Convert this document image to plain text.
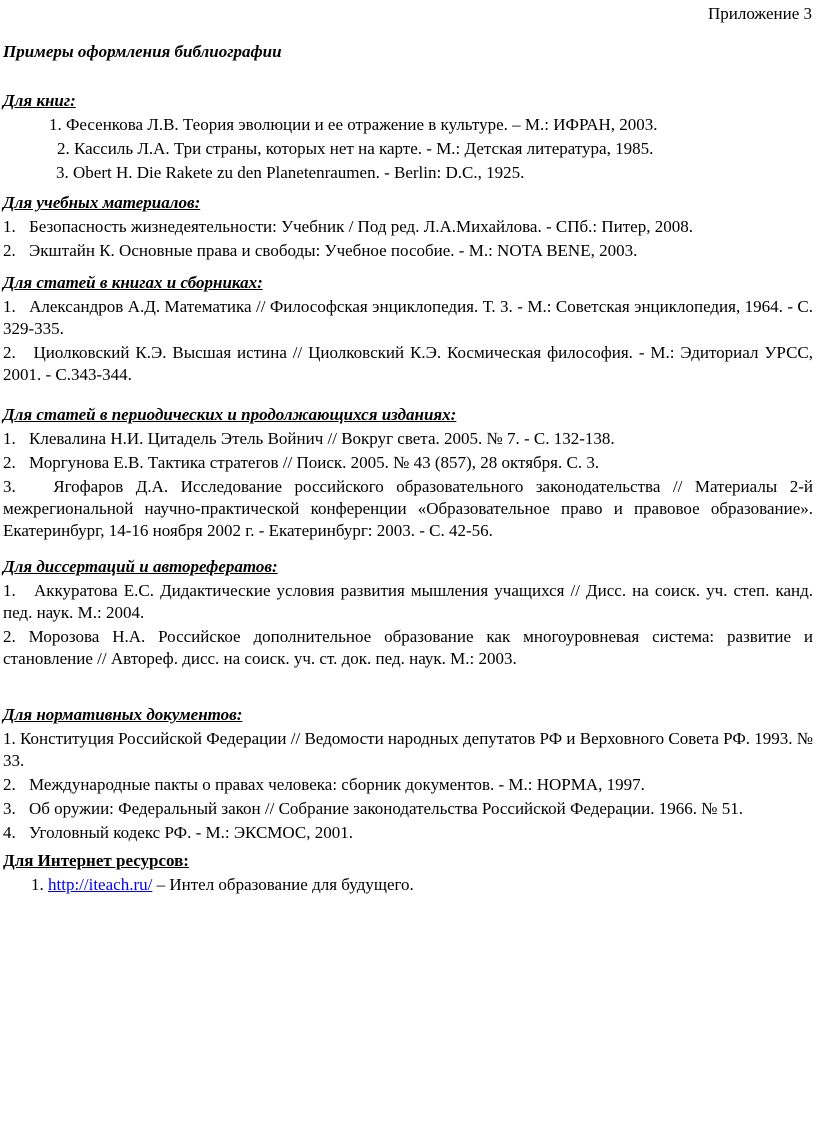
Приложение 3
Примеры оформления библиографии
Для книг:
1. Фесенкова Л.В. Теория эволюции и ее отражение в культуре. – М.: ИФРАН, 2003.
2. Кассиль Л.А. Три страны, которых нет на карте. - М.: Детская литература, 1985.
3. Obert H. Die Rakete zu den Planetenraumen. - Berlin: D.C., 1925.
Для учебных материалов:
1. Безопасность жизнедеятельности: Учебник / Под ред. Л.А.Михайлова. - СПб.: Питер, 2008.
2. Экштайн К. Основные права и свободы: Учебное пособие. - М.: NOTA BENE, 2003.
Для статей в книгах и сборниках:
1. Александров А.Д. Математика // Философская энциклопедия. Т. 3. - М.: Советская энциклопедия, 1964. - С. 329-335.
2. Циолковский К.Э. Высшая истина // Циолковский К.Э. Космическая философия. - М.: Эдиториал УРСС, 2001. - С.343-344.
Для статей в периодических и продолжающихся изданиях:
1. Клевалина Н.И. Цитадель Этель Войнич // Вокруг света. 2005. № 7. - С. 132-138.
2. Моргунова Е.В. Тактика стратегов // Поиск. 2005. № 43 (857), 28 октября. С. 3.
3. Ягофаров Д.А. Исследование российского образовательного законодательства // Материалы 2-й межрегиональной научно-практической конференции «Образовательное право и правовое образование». Екатеринбург, 14-16 ноября 2002 г. - Екатеринбург: 2003. - С. 42-56.
Для диссертаций и авторефератов:
1. Аккуратова Е.С. Дидактические условия развития мышления учащихся // Дисс. на соиск. уч. степ. канд. пед. наук. М.: 2004.
2. Морозова Н.А. Российское дополнительное образование как многоуровневая система: развитие и становление // Автореф. дисс. на соиск. уч. ст. док. пед. наук. М.: 2003.
Для нормативных документов:
1. Конституция Российской Федерации // Ведомости народных депутатов РФ и Верховного Совета РФ. 1993. № 33.
2. Международные пакты о правах человека: сборник документов. - М.: НОРМА, 1997.
3. Об оружии: Федеральный закон // Собрание законодательства Российской Федерации. 1966. № 51.
4. Уголовный кодекс РФ. - М.: ЭКСМОС, 2001.
Для Интернет ресурсов:
1. http://iteach.ru/ – Интел образование для будущего.
